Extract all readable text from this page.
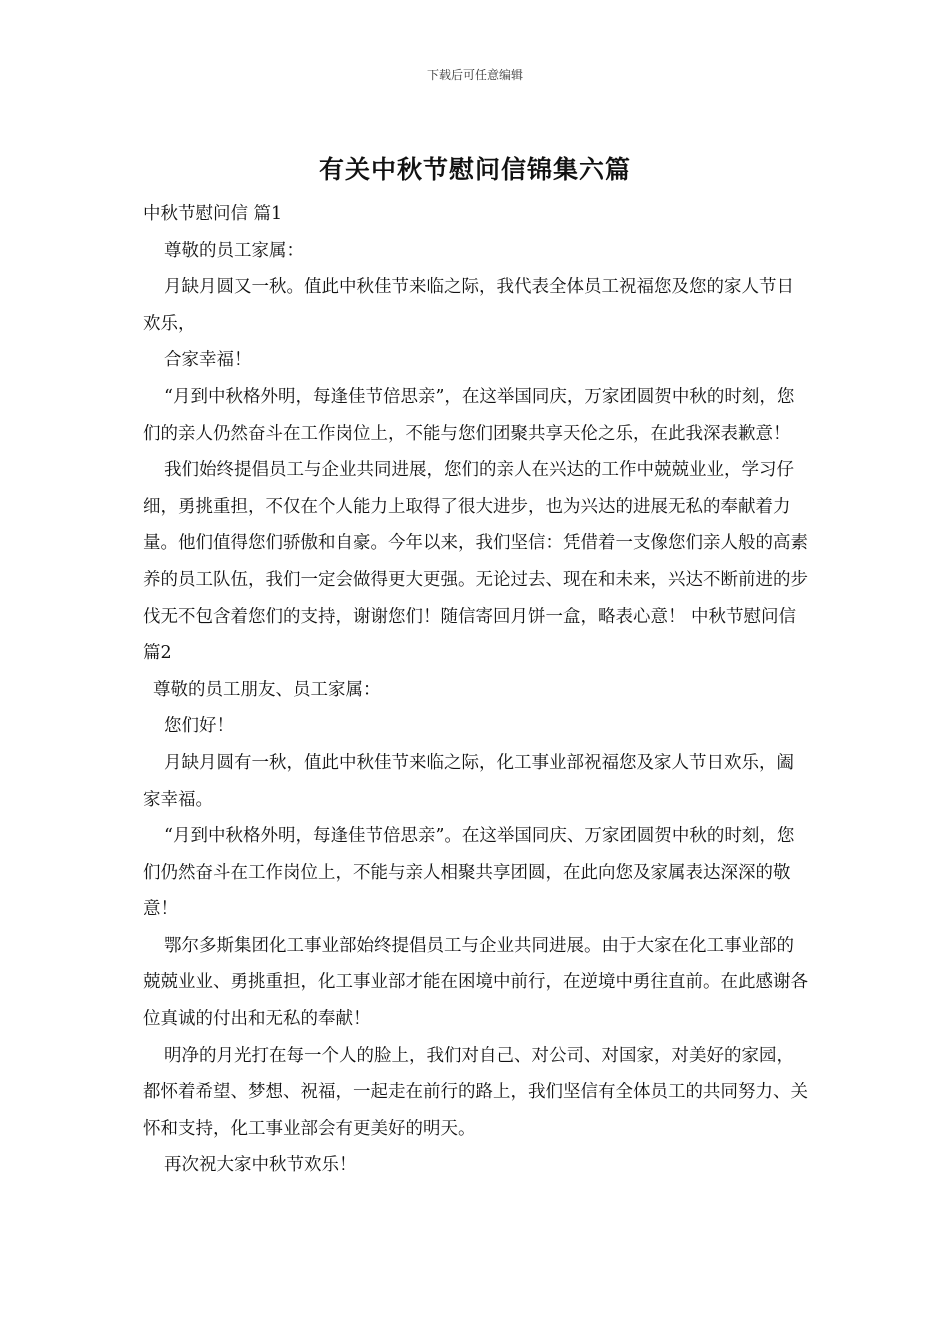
下载后可任意编辑
有关中秋节慰问信锦集六篇

中秋节慰问信 篇1

尊敬的员工家属：

月缺月圆又一秋。值此中秋佳节来临之际，我代表全体员工祝福您及您的家人节日欢乐，

合家幸福！

“月到中秋格外明，每逢佳节倍思亲”，在这举国同庆，万家团圆贺中秋的时刻，您们的亲人仍然奋斗在工作岗位上，不能与您们团聚共享天伦之乐，在此我深表歉意！

我们始终提倡员工与企业共同进展，您们的亲人在兴达的工作中兢兢业业，学习仔细，勇挑重担，不仅在个人能力上取得了很大进步，也为兴达的进展无私的奉献着力量。他们值得您们骄傲和自豪。今年以来，我们坚信：凭借着一支像您们亲人般的高素养的员工队伍，我们一定会做得更大更强。无论过去、现在和未来，兴达不断前进的步伐无不包含着您们的支持，谢谢您们！随信寄回月饼一盒，略表心意！ 中秋节慰问信 篇2

尊敬的员工朋友、员工家属：

您们好！

月缺月圆有一秋，值此中秋佳节来临之际，化工事业部祝福您及家人节日欢乐，阖家幸福。

“月到中秋格外明，每逢佳节倍思亲”。在这举国同庆、万家团圆贺中秋的时刻，您们仍然奋斗在工作岗位上，不能与亲人相聚共享团圆，在此向您及家属表达深深的敬意！

鄂尔多斯集团化工事业部始终提倡员工与企业共同进展。由于大家在化工事业部的兢兢业业、勇挑重担，化工事业部才能在困境中前行，在逆境中勇往直前。在此感谢各位真诚的付出和无私的奉献！

明净的月光打在每一个人的脸上，我们对自己、对公司、对国家，对美好的家园，都怀着希望、梦想、祝福，一起走在前行的路上，我们坚信有全体员工的共同努力、关怀和支持，化工事业部会有更美好的明天。

再次祝大家中秋节欢乐！
